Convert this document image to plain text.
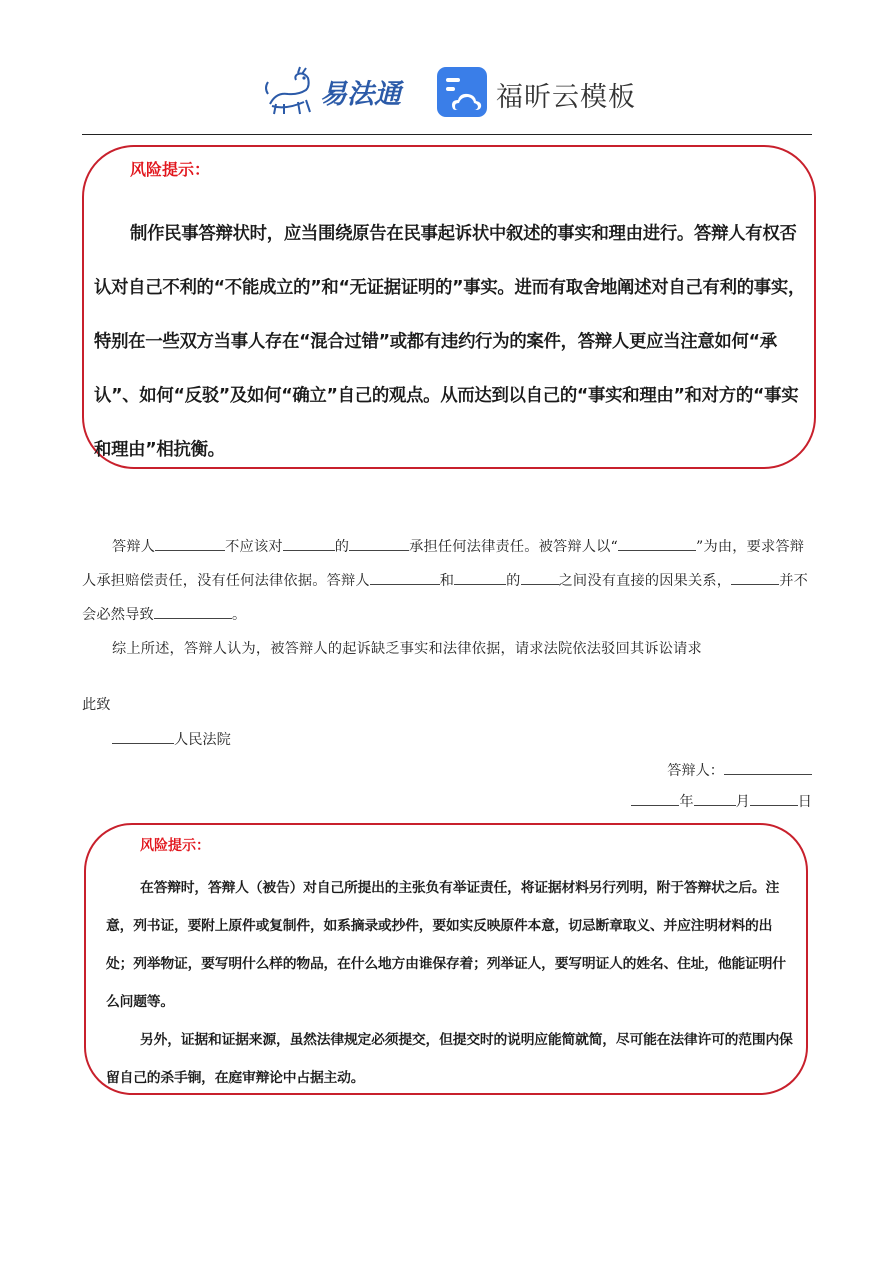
易法通	福昕云模板
风险提示：

制作民事答辩状时，应当围绕原告在民事起诉状中叙述的事实和理由进行。答辩人有权否认对自己不利的“不能成立的”和“无证据证明的”事实。进而有取舍地阐述对自己有利的事实，特别在一些双方当事人存在“混合过错”或都有违约行为的案件，答辩人更应当注意如何“承认”、如何“反驳”及如何“确立”自己的观点。从而达到以自己的“事实和理由”和对方的“事实和理由”相抗衡。

答辩人	不应该对	的	承担任何法律责任。被答辩人以“	”为由，要求答辩人承担赔偿责任，没有任何法律依据。答辩人	和	的	之间没有直接的因果关系，	并不会必然导致	。

综上所述，答辩人认为，被答辩人的起诉缺乏事实和法律依据，请求法院依法驳回其诉讼请求

此致
人民法院
答辩人：
年	月	日
风险提示：

在答辩时，答辩人（被告）对自己所提出的主张负有举证责任，将证据材料另行列明，附于答辩状之后。注意，列书证，要附上原件或复制件，如系摘录或抄件，要如实反映原件本意，切忌断章取义、并应注明材料的出处；列举物证，要写明什么样的物品，在什么地方由谁保存着；列举证人，要写明证人的姓名、住址，他能证明什么问题等。

另外，证据和证据来源，虽然法律规定必须提交，但提交时的说明应能简就简，尽可能在法律许可的范围内保留自己的杀手锏，在庭审辩论中占据主动。
